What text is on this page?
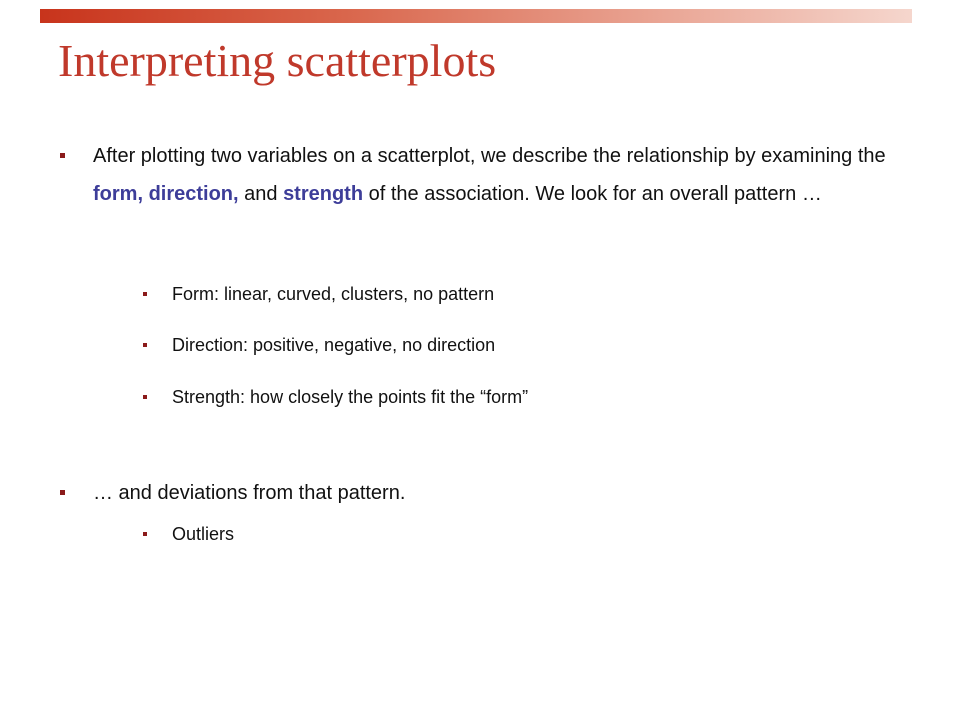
Interpreting scatterplots
After plotting two variables on a scatterplot, we describe the relationship by examining the form, direction, and strength of the association. We look for an overall pattern …
Form: linear, curved, clusters, no pattern
Direction: positive, negative, no direction
Strength: how closely the points fit the “form”
… and deviations from that pattern.
Outliers
